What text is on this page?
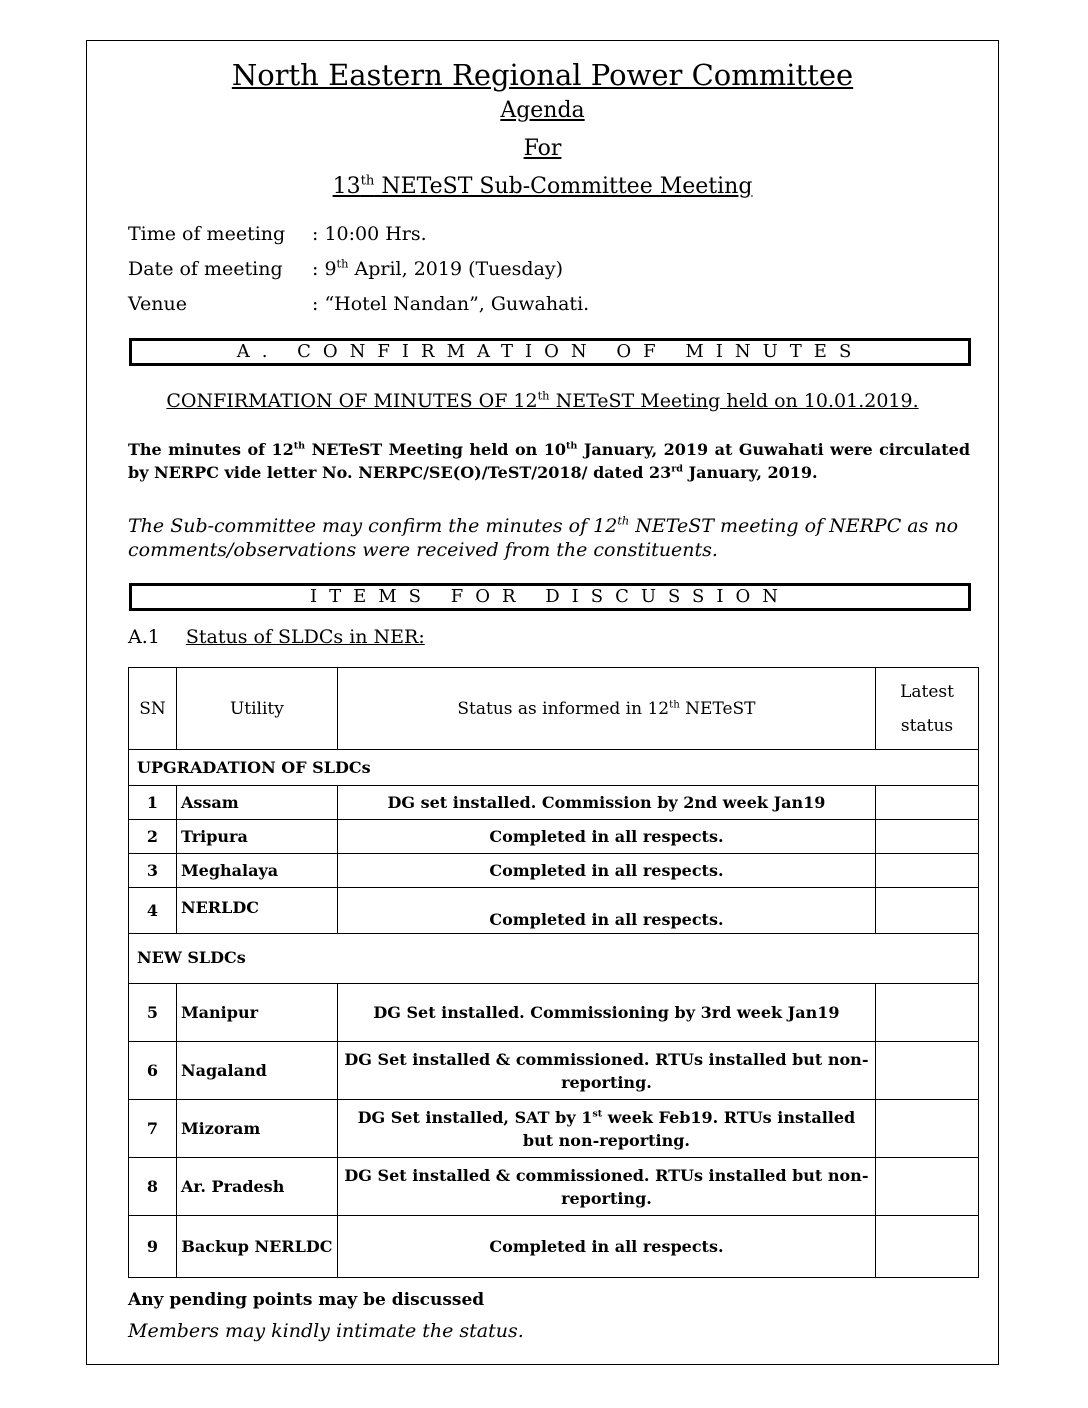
North Eastern Regional Power Committee
Agenda
For
13th NETeST Sub-Committee Meeting
Time of meeting : 10:00 Hrs.
Date of meeting : 9th April, 2019 (Tuesday)
Venue	: “Hotel Nandan”, Guwahati.
A. CONFIRMATION OF MINUTES
CONFIRMATION OF MINUTES OF 12th NETeST Meeting held on 10.01.2019.
The minutes of 12th NETeST Meeting held on 10th January, 2019 at Guwahati were circulated by NERPC vide letter No. NERPC/SE(O)/TeST/2018/ dated 23rd January, 2019.
The Sub-committee may confirm the minutes of 12th NETeST meeting of NERPC as no comments/observations were received from the constituents.
ITEMS FOR DISCUSSION
A.1 Status of SLDCs in NER:
SN	Utility	Status as informed in 12th NETeST	Latest
status
UPGRADATION OF SLDCs			
1	Assam	DG set installed. Commission by 2nd week Jan19	
2	Tripura	Completed in all respects.	
3	Meghalaya	Completed in all respects.	
4	NERLDC	Completed in all respects.	
NEW SLDCs			
5	Manipur	DG Set installed. Commissioning by 3rd week Jan19	
6	Nagaland	DG Set installed & commissioned. RTUs installed but non-reporting.	
7	Mizoram	DG Set installed, SAT by 1st week Feb19. RTUs installed but non-reporting.	
8	Ar. Pradesh	DG Set installed & commissioned. RTUs installed but non-reporting.	
9	Backup NERLDC	Completed in all respects.	
Any pending points may be discussed
Members may kindly intimate the status.
